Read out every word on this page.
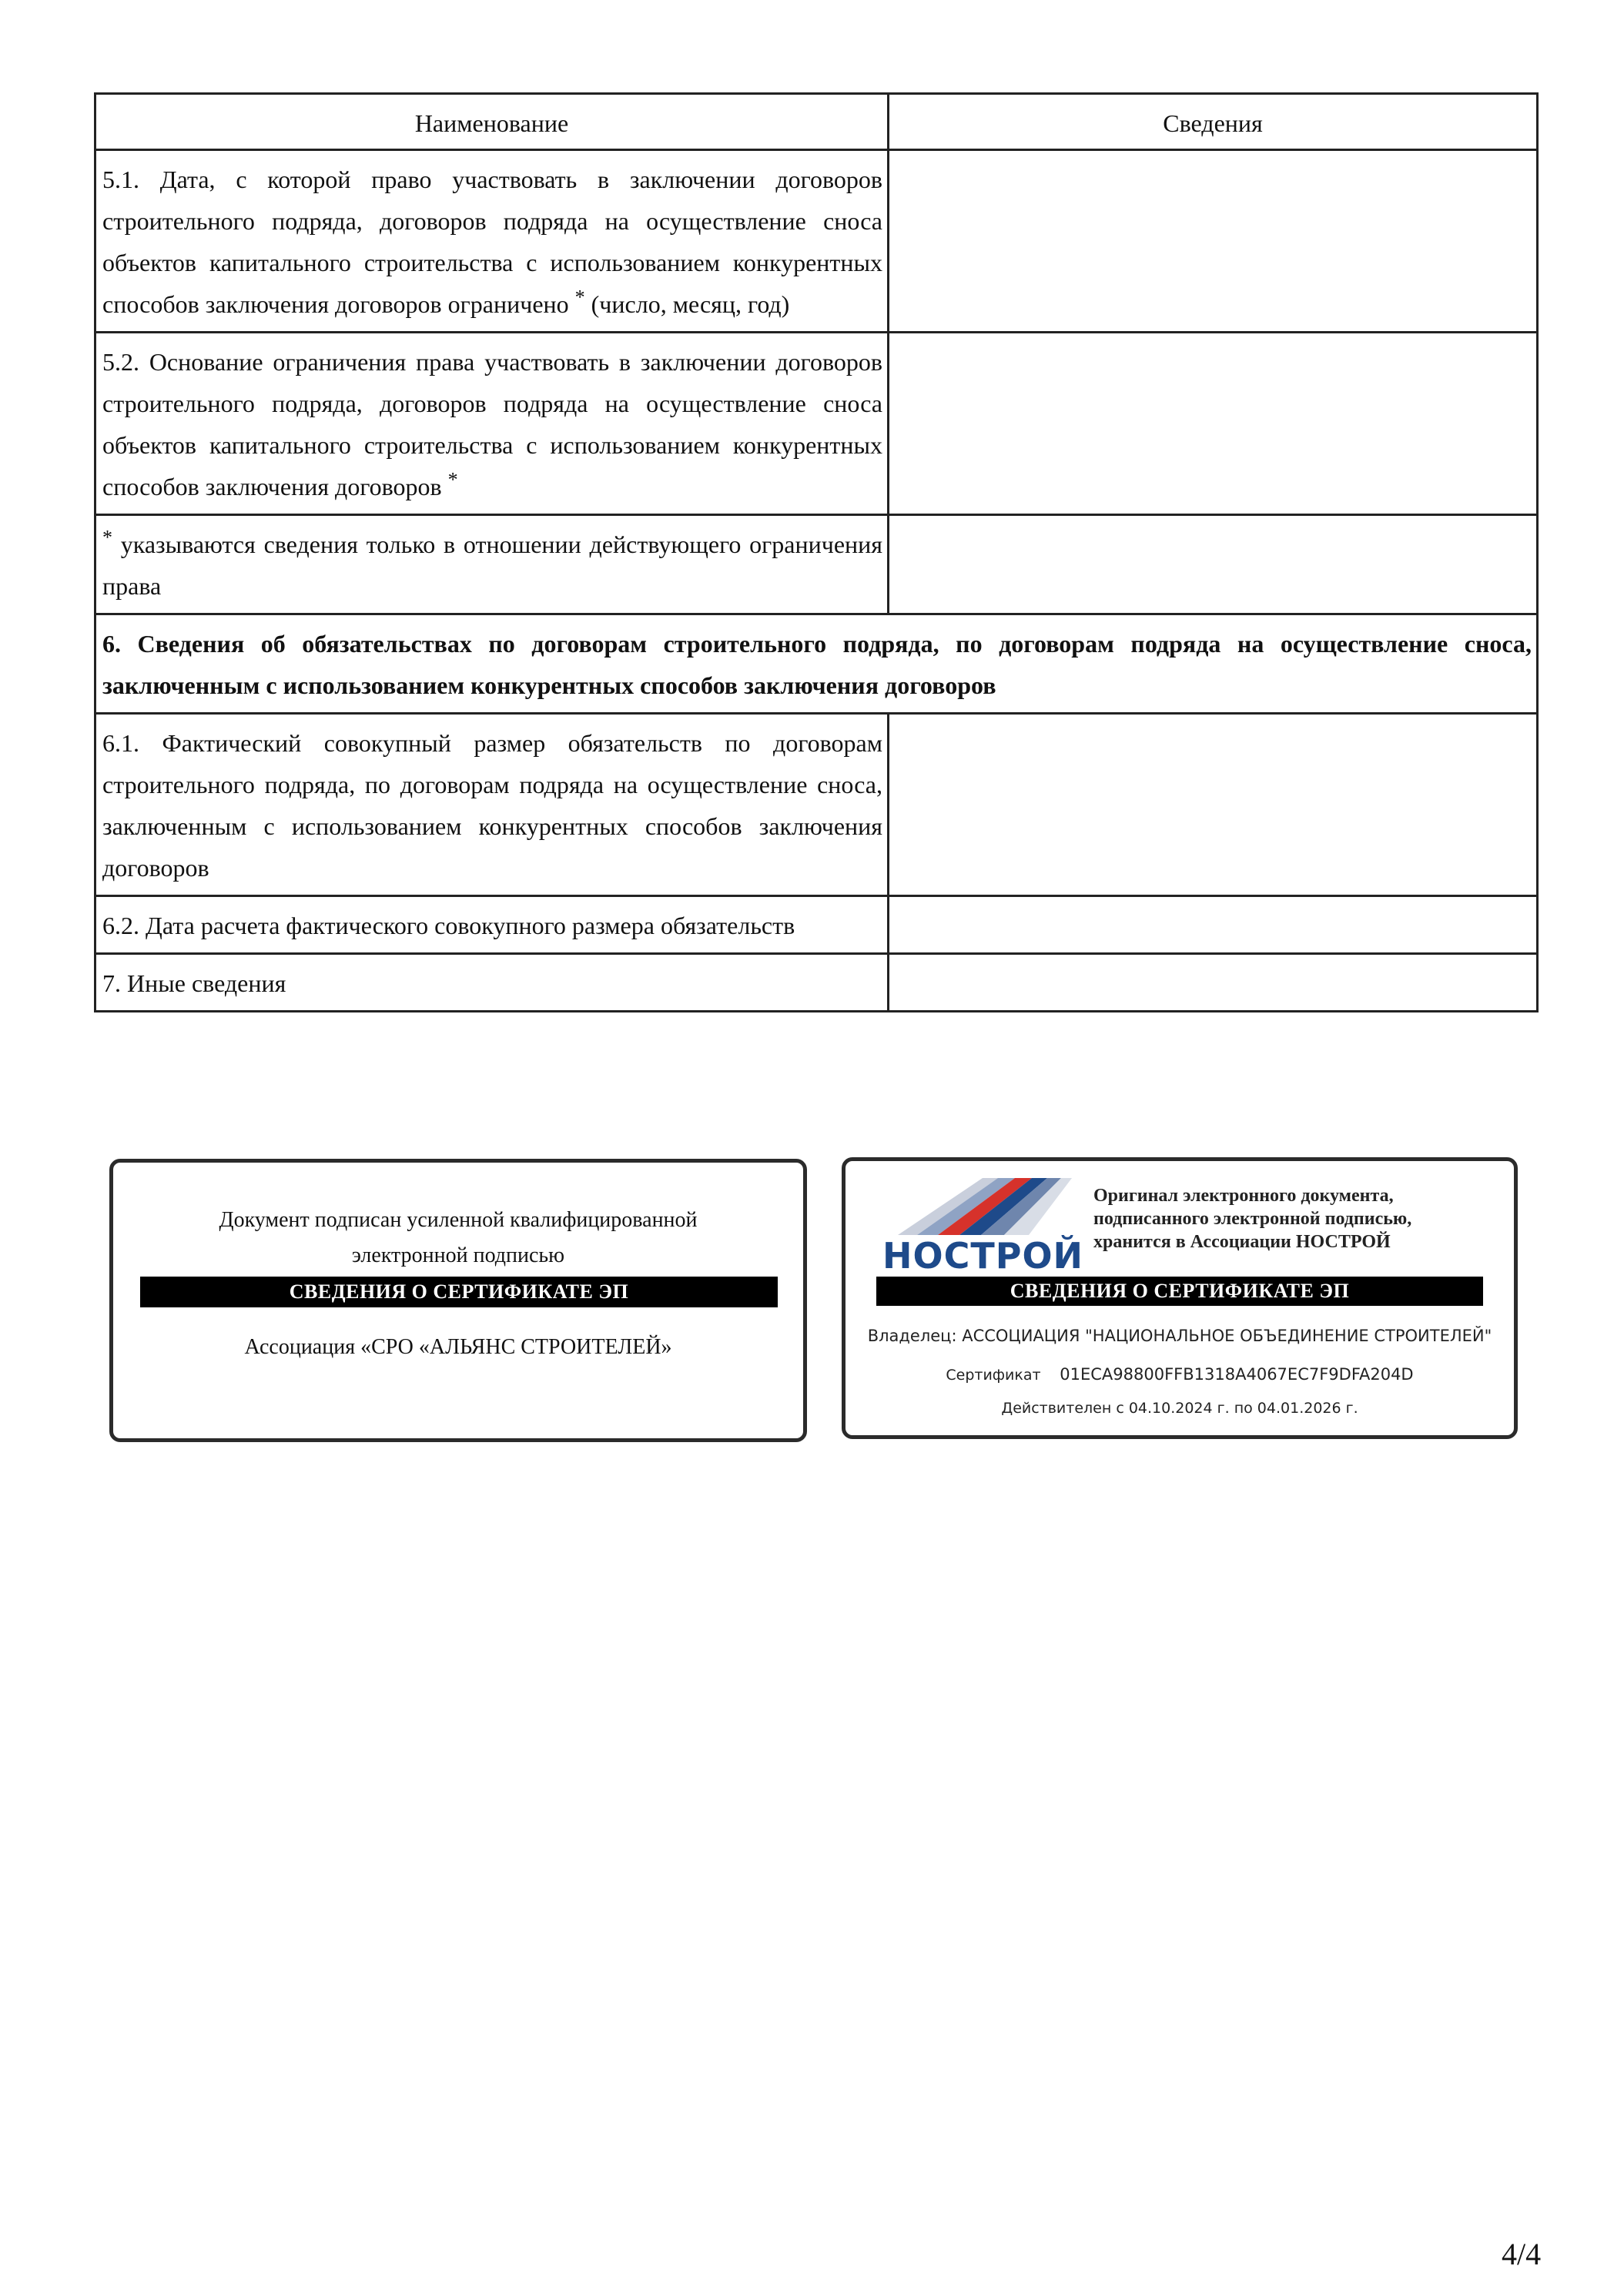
Наименование	Сведения
5.1. Дата, с которой право участвовать в заключении договоров строительного подряда, договоров подряда на осуществление сноса объектов капитального строительства с использованием конкурентных способов заключения договоров ограничено * (число, месяц, год)	
5.2. Основание ограничения права участвовать в заключении договоров строительного подряда, договоров подряда на осуществление сноса объектов капитального строительства с использованием конкурентных способов заключения договоров *	
* указываются сведения только в отношении действующего ограничения права	
6. Сведения об обязательствах по договорам строительного подряда, по договорам подряда на осуществление сноса, заключенным с использованием конкурентных способов заключения договоров	
6.1. Фактический совокупный размер обязательств по договорам строительного подряда, по договорам подряда на осуществление сноса, заключенным с использованием конкурентных способов заключения договоров	
6.2. Дата расчета фактического совокупного размера обязательств	
7. Иные сведения	
Документ подписан усиленной квалифицированной
электронной подписью
СВЕДЕНИЯ О СЕРТИФИКАТЕ ЭП
Ассоциация «СРО «АЛЬЯНС СТРОИТЕЛЕЙ»
НОСТРОЙ
Оригинал электронного документа,
подписанного электронной подписью,
хранится в Ассоциации НОСТРОЙ
СВЕДЕНИЯ О СЕРТИФИКАТЕ ЭП
Владелец: АССОЦИАЦИЯ "НАЦИОНАЛЬНОЕ ОБЪЕДИНЕНИЕ СТРОИТЕЛЕЙ"
Сертификат 01ECA98800FFB1318A4067EC7F9DFA204D
Действителен с 04.10.2024 г. по 04.01.2026 г.
4/4
